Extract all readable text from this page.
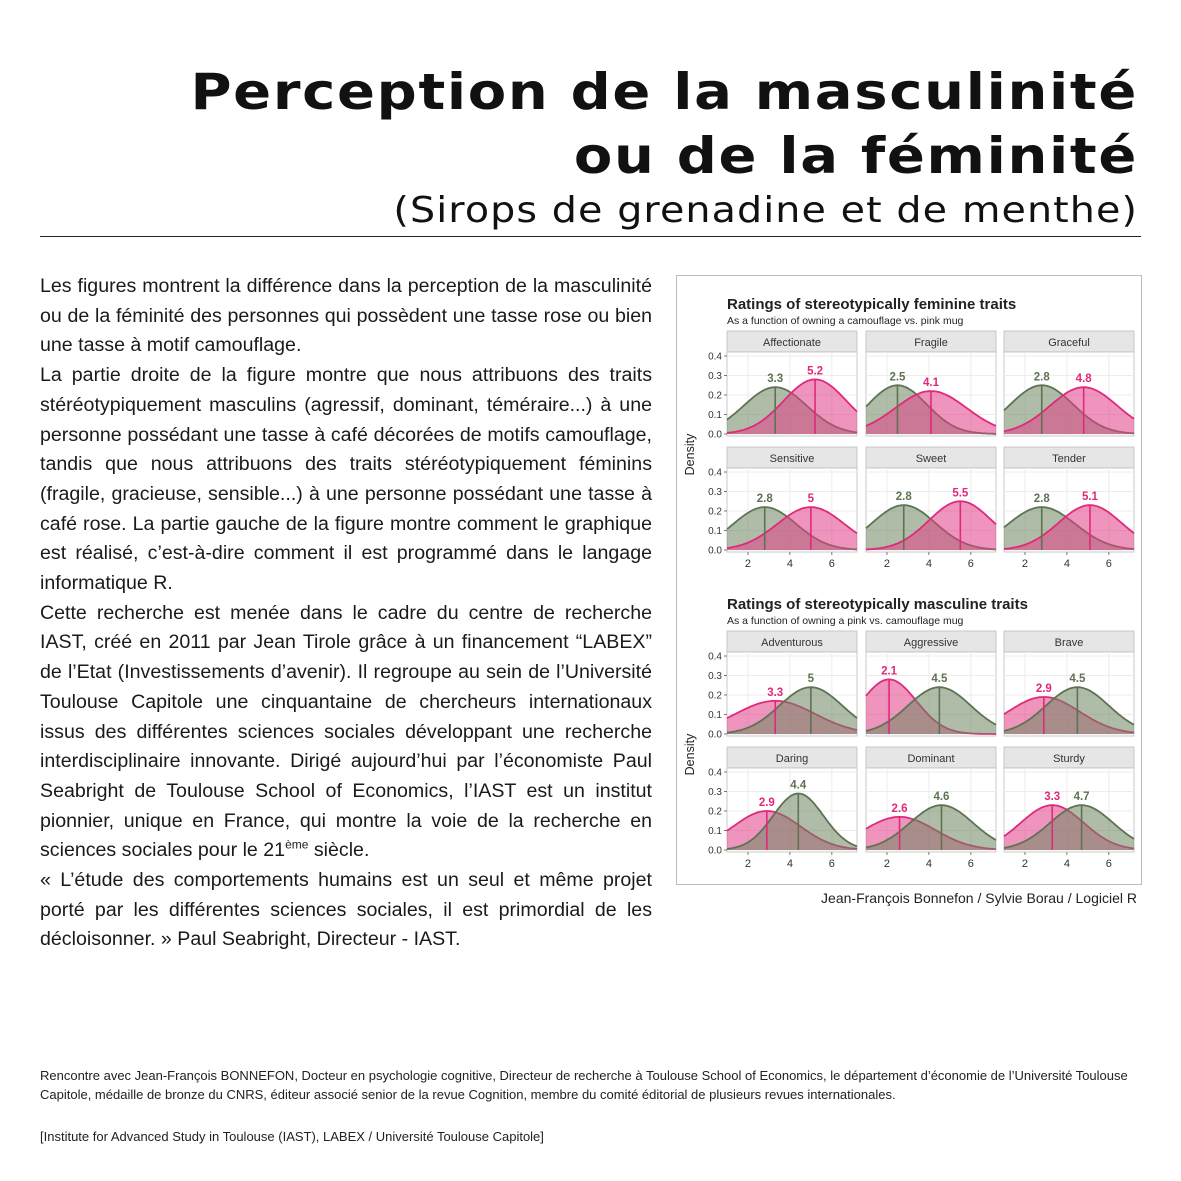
Perception de la masculinité

ou de la féminité

(Sirops de grenadine et de menthe)

Les figures montrent la différence dans la perception de la masculinité ou de la féminité des personnes qui possèdent une tasse rose ou bien une tasse à motif camouflage.

La partie droite de la figure montre que nous attribuons des traits stéréotypiquement masculins (agressif, dominant, téméraire...) à une personne possédant une tasse à café décorées de motifs camouflage, tandis que nous attribuons des traits stéréotypiquement féminins (fragile, gracieuse, sensible...) à une personne possédant une tasse à café rose. La partie gauche de la figure montre comment le graphique est réalisé, c’est-à-dire comment il est programmé dans le langage informatique R.

Cette recherche est menée dans le cadre du centre de recherche IAST, créé en 2011 par Jean Tirole grâce à un financement “LABEX” de l’Etat (Investissements d’avenir). Il regroupe au sein de l’Université Toulouse Capitole une cinquantaine de chercheurs internationaux issus des différentes sciences sociales développant une recherche interdisciplinaire innovante. Dirigé aujourd’hui par l’économiste Paul Seabright de Toulouse School of Economics, l’IAST est un institut pionnier, unique en France, qui montre la voie de la recherche en sciences sociales pour le 21ème siècle.

« L’étude des comportements humains est un seul et même projet porté par les différentes sciences sociales, il est primordial de les décloisonner. » Paul Seabright, Directeur - IAST.

Ratings of stereotypically feminine traits
As a function of owning a camouflage vs. pink mug
Affectionate
3.3
5.2
0.0
0.1
0.2
0.3
0.4
Fragile
2.5 4.1
Graceful
2.8 4.8
Sensitive
2.8	5
0.0
0.1
0.2
0.3
0.4
2	4	6
Sweet
2.8	5.5
2	4	6
Tender
2.8	5.1
2	4	6
Density
Ratings of stereotypically masculine traits
As a function of owning a pink vs. camouflage mug
Adventurous
5
3.3
0.0
0.1
0.2
0.3
0.4
Aggressive
4.5
2.1
Brave
4.5
2.9
Daring
4.4
2.9
0.0
0.1
0.2
0.3
0.4
2	4	6
Dominant
4.6
2.6
2	4	6
Sturdy
4.7
3.3
2	4	6
Density
Jean-François Bonnefon / Sylvie Borau / Logiciel R

Rencontre avec Jean-François BONNEFON, Docteur en psychologie cognitive, Directeur de recherche à Toulouse School of Economics, le département d’économie de l’Université Toulouse Capitole, médaille de bronze du CNRS, éditeur associé senior de la revue Cognition, membre du comité éditorial de plusieurs revues internationales.

[Institute for Advanced Study in Toulouse (IAST), LABEX / Université Toulouse Capitole]
